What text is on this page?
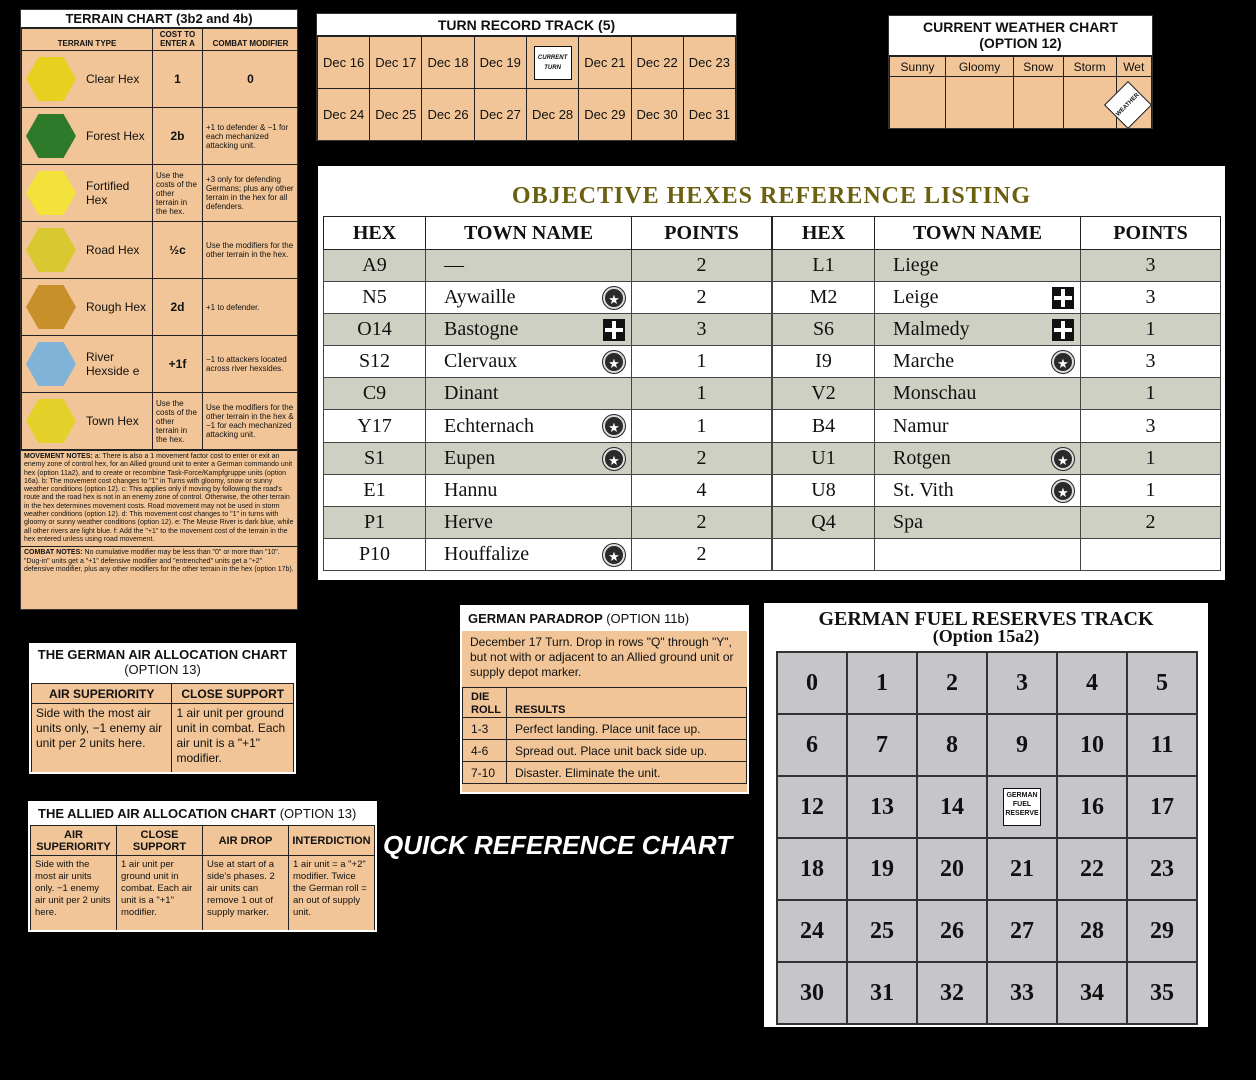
TERRAIN CHART (3b2 and 4b)
TERRAIN TYPE	COST TO ENTER A	COMBAT MODIFIER

Clear Hex	1	0

Forest Hex	2b	+1 to defender & −1 for each mechanized attacking unit.

Fortified Hex	Use the costs of the other terrain in the hex.	+3 only for defending Germans; plus any other terrain in the hex for all defenders.

Road Hex	½c	Use the modifiers for the other terrain in the hex.

Rough Hex	2d	+1 to defender.

River Hexside e	+1f	−1 to attackers located across river hexsides.

Town Hex	Use the costs of the other terrain in the hex.	Use the modifiers for the other terrain in the hex & −1 for each mechanized attacking unit.
MOVEMENT NOTES: a: There is also a 1 movement factor cost to enter or exit an enemy zone of control hex, for an Allied ground unit to enter a German commando unit hex (option 11a2), and to create or recombine Task-Force/Kampfgruppe units (option 16a). b: The movement cost changes to "1" in Turns with gloomy, snow or sunny weather conditions (option 12). c: This applies only if moving by following the road's route and the road hex is not in an enemy zone of control. Otherwise, the other terrain in the hex determines movement costs. Road movement may not be used in storm weather conditions (option 12). d: This movement cost changes to "1" in turns with gloomy or sunny weather conditions (option 12). e: The Meuse River is dark blue, while all other rivers are light blue. f: Add the "+1" to the movement cost of the terrain in the hex entered unless using road movement.
COMBAT NOTES: No cumulative modifier may be less than "0" or more than "10". "Dug-in" units get a "+1" defensive modifier and "entrenched" units get a "+2" defensive modifier, plus any other modifiers for the other terrain in the hex (option 17b).
TURN RECORD TRACK (5)
Dec 16	Dec 17	Dec 18	Dec 19	CURRENT TURN	Dec 21	Dec 22	Dec 23
Dec 24	Dec 25	Dec 26	Dec 27	Dec 28	Dec 29	Dec 30	Dec 31
CURRENT WEATHER CHART
(OPTION 12)
Sunny	Gloomy	Snow	Storm	Wet

WEATHER
OBJECTIVE HEXES REFERENCE LISTING
HEX	TOWN NAME	POINTS
A9	—	2
N5	Aywaille ★	2
O14	Bastogne	3
S12	Clervaux ★	1
C9	Dinant	1
Y17	Echternach ★	1
S1	Eupen ★	2
E1	Hannu	4
P1	Herve	2
P10	Houffalize ★	2
HEX	TOWN NAME	POINTS
L1	Liege	3
M2	Leige	3
S6	Malmedy	1
I9	Marche ★	3
V2	Monschau	1
B4	Namur	3
U1	Rotgen ★	1
U8	St. Vith ★	1
Q4	Spa	2

THE GERMAN AIR ALLOCATION CHART
(OPTION 13)
AIR SUPERIORITY	CLOSE SUPPORT
Side with the most air units only, −1 enemy air unit per 2 units here.	1 air unit per ground unit in combat. Each air unit is a "+1" modifier.
THE ALLIED AIR ALLOCATION CHART (OPTION 13)
AIR SUPERIORITY	CLOSE SUPPORT	AIR DROP	INTERDICTION
Side with the most air units only. −1 enemy air unit per 2 units here.	1 air unit per ground unit in combat. Each air unit is a "+1" modifier.	Use at start of a side's phases. 2 air units can remove 1 out of supply marker.	1 air unit = a "+2" modifier. Twice the German roll = an out of supply unit.
GERMAN PARADROP (OPTION 11b)
December 17 Turn. Drop in rows "Q" through "Y", but not with or adjacent to an Allied ground unit or supply depot marker.
DIE ROLL	RESULTS
1-3	Perfect landing. Place unit face up.
4-6	Spread out. Place unit back side up.
7-10	Disaster. Eliminate the unit.
QUICK REFERENCE CHART
GERMAN FUEL RESERVES TRACK
(Option 15a2)
0	1	2	3	4	5
6	7	8	9	10	11
12	13	14	GERMAN FUEL RESERVE	16	17
18	19	20	21	22	23
24	25	26	27	28	29
30	31	32	33	34	35
